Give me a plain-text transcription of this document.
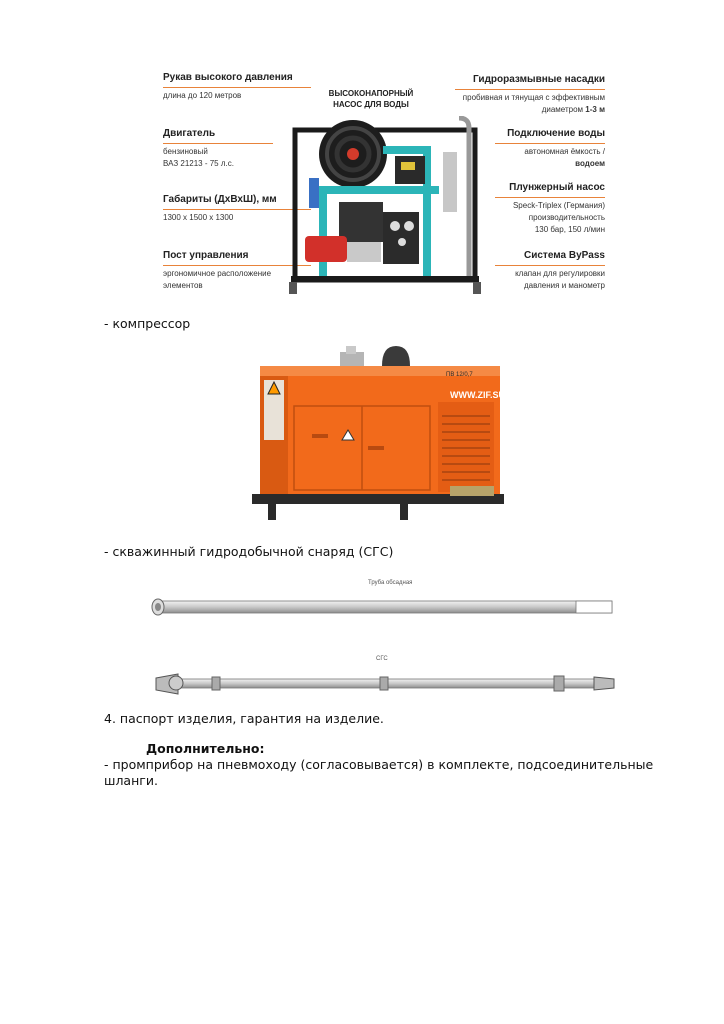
Рукав высокого давления
длина до 120 метров
Двигатель
бензиновый
ВАЗ 21213 - 75 л.с.
Габариты (ДхВхШ), мм
1300 х 1500 х 1300
Пост управления
эргономичное расположение
элементов
ВЫСОКОНАПОРНЫЙ
НАСОС ДЛЯ ВОДЫ
Гидроразмывные насадки
пробивная и тянущая с эффективным
диаметром 1-3 м
Подключение воды
автономная ёмкость /
водоем
Плунжерный насос
Speck-Triplex (Германия)
производительность
130 бар, 150 л/мин
Система ByPass
клапан для регулировки
давления и манометр
- компрессор
WWW.ZIF.SU
ПВ 12/0,7
- скважинный гидродобычной снаряд (СГС)
Труба обсадная
СГС
4. паспорт изделия, гарантия на изделие.
Дополнительно:
- промприбор на пневмоходу (согласовывается) в комплекте, подсоединительные
шланги.
